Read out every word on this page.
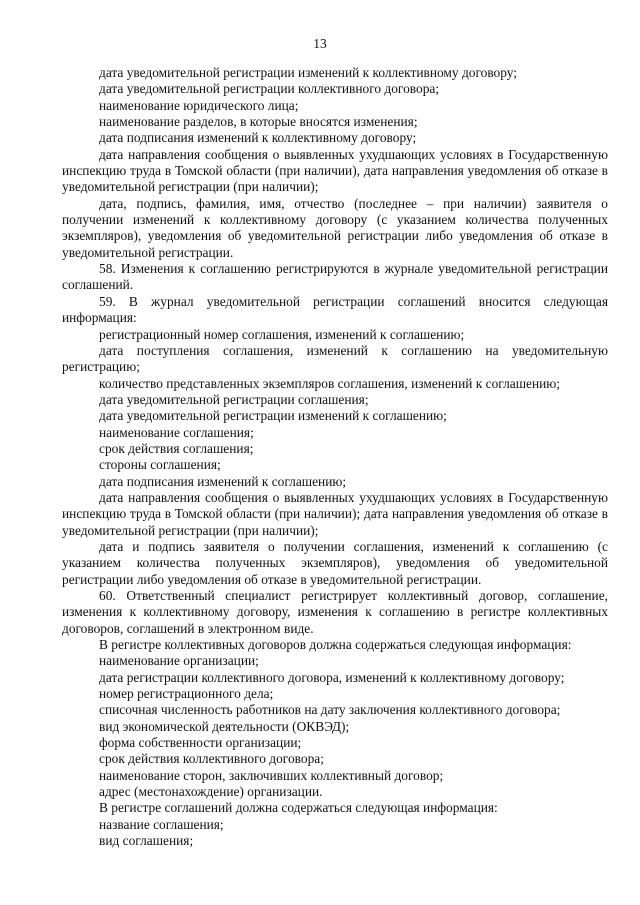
13

дата уведомительной регистрации изменений к коллективному договору;

дата уведомительной регистрации коллективного договора;

наименование юридического лица;

наименование разделов, в которые вносятся изменения;

дата подписания изменений к коллективному договору;

дата направления сообщения о выявленных ухудшающих условиях в Государственную инспекцию труда в Томской области (при наличии), дата направления уведомления об отказе в уведомительной регистрации (при наличии);

дата, подпись, фамилия, имя, отчество (последнее – при наличии) заявителя о получении изменений к коллективному договору (с указанием количества полученных экземпляров), уведомления об уведомительной регистрации либо уведомления об отказе в уведомительной регистрации.

58. Изменения к соглашению регистрируются в журнале уведомительной регистрации соглашений.

59. В журнал уведомительной регистрации соглашений вносится следующая информация:

регистрационный номер соглашения, изменений к соглашению;

дата поступления соглашения, изменений к соглашению на уведомительную регистрацию;

количество представленных экземпляров соглашения, изменений к соглашению;

дата уведомительной регистрации соглашения;

дата уведомительной регистрации изменений к соглашению;

наименование соглашения;

срок действия соглашения;

стороны соглашения;

дата подписания изменений к соглашению;

дата направления сообщения о выявленных ухудшающих условиях в Государственную инспекцию труда в Томской области (при наличии); дата направления уведомления об отказе в уведомительной регистрации (при наличии);

дата и подпись заявителя о получении соглашения, изменений к соглашению (с указанием количества полученных экземпляров), уведомления об уведомительной регистрации либо уведомления об отказе в уведомительной регистрации.

60. Ответственный специалист регистрирует коллективный договор, соглашение, изменения к коллективному договору, изменения к соглашению в регистре коллективных договоров, соглашений в электронном виде.

В регистре коллективных договоров должна содержаться следующая информация:

наименование организации;

дата регистрации коллективного договора, изменений к коллективному договору;

номер регистрационного дела;

списочная численность работников на дату заключения коллективного договора;

вид экономической деятельности (ОКВЭД);

форма собственности организации;

срок действия коллективного договора;

наименование сторон, заключивших коллективный договор;

адрес (местонахождение) организации.

В регистре соглашений должна содержаться следующая информация:

название соглашения;

вид соглашения;
